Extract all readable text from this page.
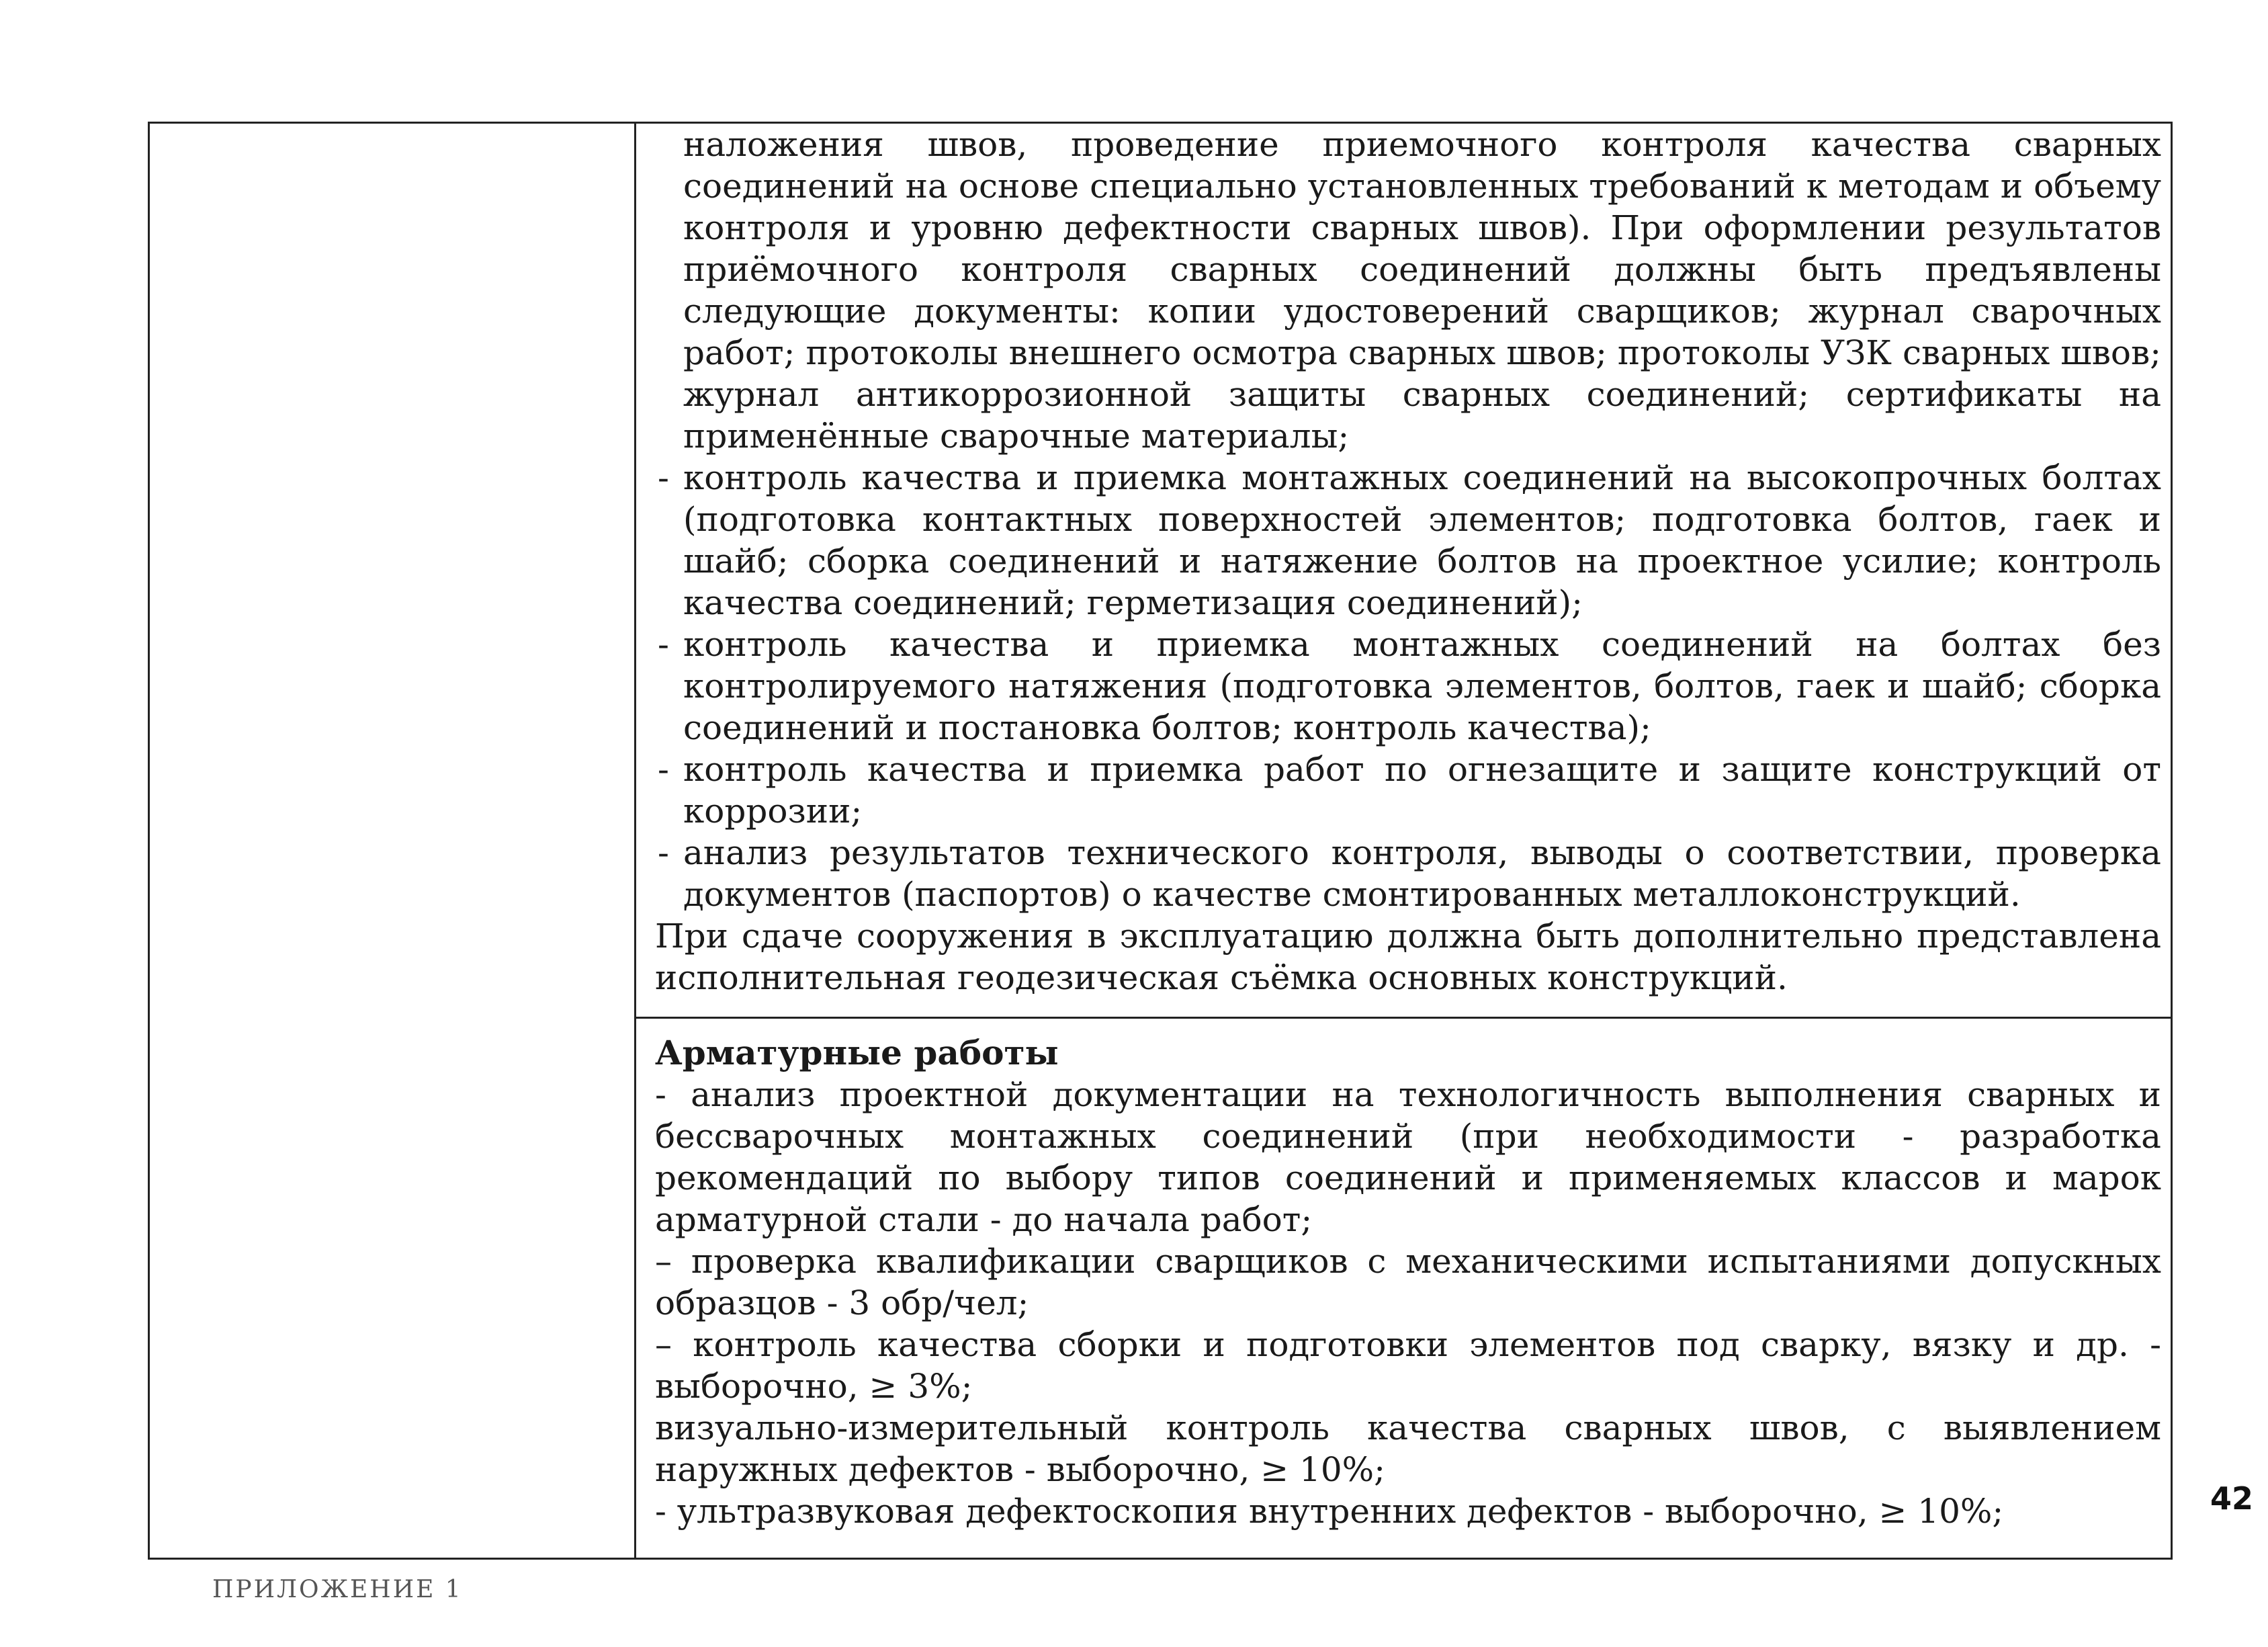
наложения швов, проведение приемочного контроля качества сварных соединений на основе специально установленных требований к методам и объему контроля и уровню дефектности сварных швов). При оформлении результатов приёмочного контроля сварных соединений должны быть предъявлены следующие документы: копии удостоверений сварщиков; журнал сварочных работ; протоколы внешнего осмотра сварных швов; протоколы УЗК сварных швов; журнал антикоррозионной защиты сварных соединений; сертификаты на применённые сварочные материалы;

- контроль качества и приемка монтажных соединений на высокопрочных болтах (подготовка контактных поверхностей элементов; подготовка болтов, гаек и шайб; сборка соединений и натяжение болтов на проектное усилие; контроль качества соединений; герметизация соединений);

- контроль качества и приемка монтажных соединений на болтах без контролируемого натяжения (подготовка элементов, болтов, гаек и шайб; сборка соединений и постановка болтов; контроль качества);

- контроль качества и приемка работ по огнезащите и защите конструкций от коррозии;

- анализ результатов технического контроля, выводы о соответствии, проверка документов (паспортов) о качестве смонтированных металлоконструкций.

При сдаче сооружения в эксплуатацию должна быть дополнительно представлена исполнительная геодезическая съёмка основных конструкций.

Арматурные работы

- анализ проектной документации на технологичность выполнения сварных и бессварочных монтажных соединений (при необходимости - разработка рекомендаций по выбору типов соединений и применяемых классов и марок арматурной стали - до начала работ;

– проверка квалификации сварщиков с механическими испытаниями допускных образцов - 3 обр/чел;

– контроль качества сборки и подготовки элементов под сварку, вязку и др. - выборочно, ≥ 3%;

визуально-измерительный контроль качества сварных швов, с выявлением наружных дефектов - выборочно, ≥ 10%;

- ультразвуковая дефектоскопия внутренних дефектов - выборочно, ≥ 10%;	42
ПРИЛОЖЕНИЕ 1
